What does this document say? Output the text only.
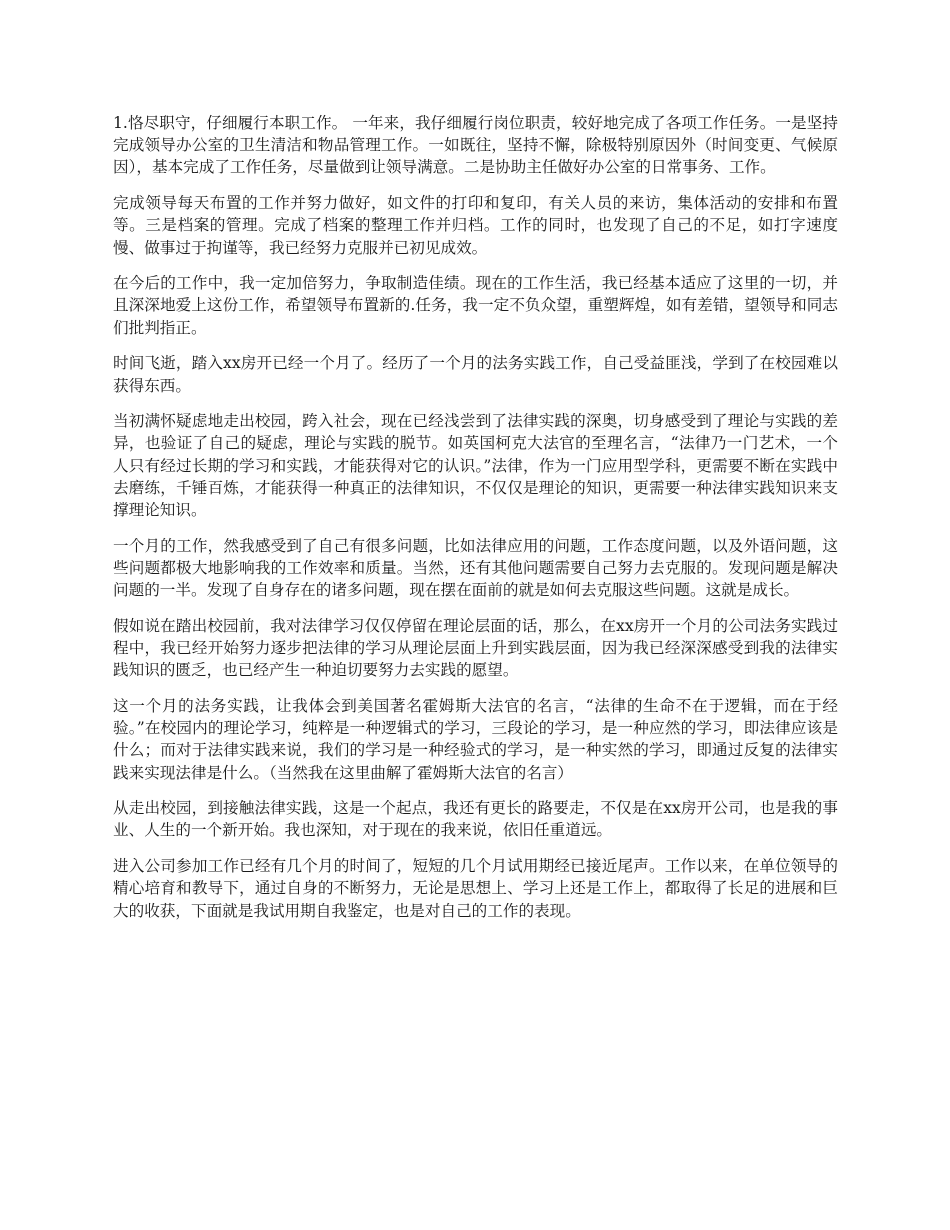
1.恪尽职守，仔细履行本职工作。 一年来，我仔细履行岗位职责，较好地完成了各项工作任务。一是坚持完成领导办公室的卫生清洁和物品管理工作。一如既往，坚持不懈，除极特别原因外（时间变更、气候原因），基本完成了工作任务，尽量做到让领导满意。二是协助主任做好办公室的日常事务、工作。

完成领导每天布置的工作并努力做好，如文件的打印和复印，有关人员的来访，集体活动的安排和布置等。三是档案的管理。完成了档案的整理工作并归档。工作的同时，也发现了自己的不足，如打字速度慢、做事过于拘谨等，我已经努力克服并已初见成效。

在今后的工作中，我一定加倍努力，争取制造佳绩。现在的工作生活，我已经基本适应了这里的一切，并且深深地爱上这份工作，希望领导布置新的.任务，我一定不负众望，重塑辉煌，如有差错，望领导和同志们批判指正。

时间飞逝，踏入xx房开已经一个月了。经历了一个月的法务实践工作，自己受益匪浅，学到了在校园难以获得东西。

当初满怀疑虑地走出校园，跨入社会，现在已经浅尝到了法律实践的深奥，切身感受到了理论与实践的差异，也验证了自己的疑虑，理论与实践的脱节。如英国柯克大法官的至理名言，“法律乃一门艺术，一个人只有经过长期的学习和实践，才能获得对它的认识。”法律，作为一门应用型学科，更需要不断在实践中去磨练，千锤百炼，才能获得一种真正的法律知识，不仅仅是理论的知识，更需要一种法律实践知识来支撑理论知识。

一个月的工作，然我感受到了自己有很多问题，比如法律应用的问题，工作态度问题，以及外语问题，这些问题都极大地影响我的工作效率和质量。当然，还有其他问题需要自己努力去克服的。发现问题是解决问题的一半。发现了自身存在的诸多问题，现在摆在面前的就是如何去克服这些问题。这就是成长。

假如说在踏出校园前，我对法律学习仅仅停留在理论层面的话，那么，在xx房开一个月的公司法务实践过程中，我已经开始努力逐步把法律的学习从理论层面上升到实践层面，因为我已经深深感受到我的法律实践知识的匮乏，也已经产生一种迫切要努力去实践的愿望。

这一个月的法务实践，让我体会到美国著名霍姆斯大法官的名言，“法律的生命不在于逻辑，而在于经验。”在校园内的理论学习，纯粹是一种逻辑式的学习，三段论的学习，是一种应然的学习，即法律应该是什么；而对于法律实践来说，我们的学习是一种经验式的学习，是一种实然的学习，即通过反复的法律实践来实现法律是什么。（当然我在这里曲解了霍姆斯大法官的名言）

从走出校园，到接触法律实践，这是一个起点，我还有更长的路要走，不仅是在xx房开公司，也是我的事业、人生的一个新开始。我也深知，对于现在的我来说，依旧任重道远。

进入公司参加工作已经有几个月的时间了，短短的几个月试用期经已接近尾声。工作以来，在单位领导的精心培育和教导下，通过自身的不断努力，无论是思想上、学习上还是工作上，都取得了长足的进展和巨大的收获，下面就是我试用期自我鉴定，也是对自己的工作的表现。
